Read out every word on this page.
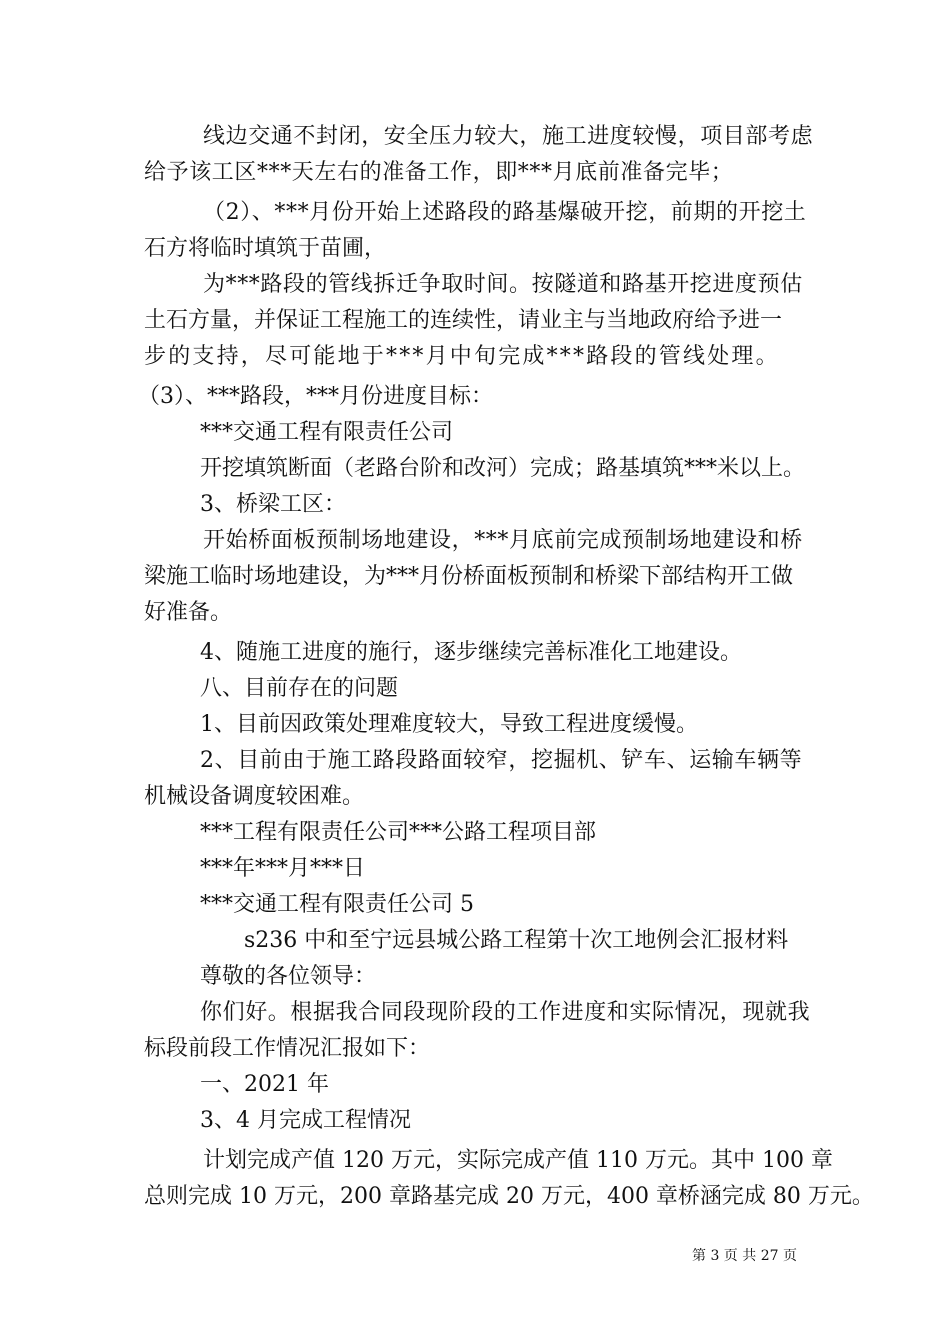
线边交通不封闭，安全压力较大，施工进度较慢，项目部考虑
给予该工区***天左右的准备工作，即***月底前准备完毕；
（2）、***月份开始上述路段的路基爆破开挖，前期的开挖土
石方将临时填筑于苗圃，
为***路段的管线拆迁争取时间。按隧道和路基开挖进度预估
土石方量，并保证工程施工的连续性，请业主与当地政府给予进一
步的支持，尽可能地于***月中旬完成***路段的管线处理。
（3）、***路段，***月份进度目标：
***交通工程有限责任公司
开挖填筑断面（老路台阶和改河）完成；路基填筑***米以上。
3、桥梁工区：
开始桥面板预制场地建设，***月底前完成预制场地建设和桥
梁施工临时场地建设，为***月份桥面板预制和桥梁下部结构开工做
好准备。
4、随施工进度的施行，逐步继续完善标准化工地建设。
八、目前存在的问题
1、目前因政策处理难度较大，导致工程进度缓慢。
2、目前由于施工路段路面较窄，挖掘机、铲车、运输车辆等
机械设备调度较困难。
***工程有限责任公司***公路工程项目部
***年***月***日
***交通工程有限责任公司 5
s236 中和至宁远县城公路工程第十次工地例会汇报材料
尊敬的各位领导：
你们好。根据我合同段现阶段的工作进度和实际情况，现就我
标段前段工作情况汇报如下：
一、2021 年
3、4 月完成工程情况
计划完成产值 120 万元，实际完成产值 110 万元。其中 100 章
总则完成 10 万元，200 章路基完成 20 万元，400 章桥涵完成 80 万元。
第 3 页 共 27 页
